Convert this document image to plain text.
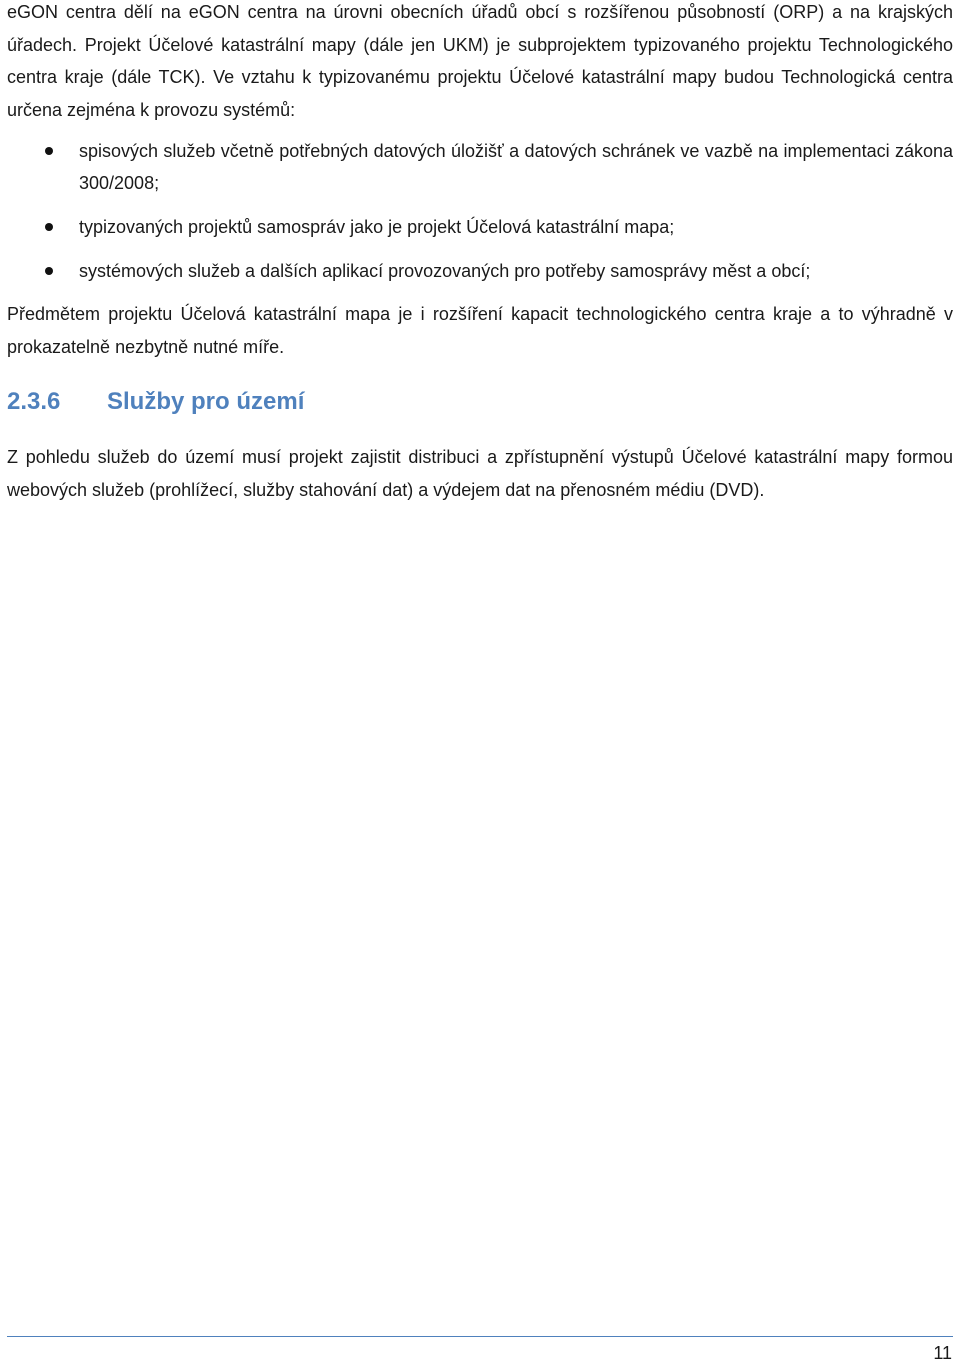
eGON centra dělí na eGON centra na úrovni obecních úřadů obcí s rozšířenou působností (ORP) a na krajských úřadech. Projekt Účelové katastrální mapy (dále jen UKM) je subprojektem typizovaného projektu Technologického centra kraje (dále TCK). Ve vztahu k typizovanému projektu Účelové katastrální mapy budou Technologická centra určena zejména k provozu systémů:

spisových služeb včetně potřebných datových úložišť a datových schránek ve vazbě na implementaci zákona 300/2008;
typizovaných projektů samospráv jako je projekt Účelová katastrální mapa;
systémových služeb a dalších aplikací provozovaných pro potřeby samosprávy měst a obcí;

Předmětem projektu Účelová katastrální mapa je i rozšíření kapacit technologického centra kraje a to výhradně v prokazatelně nezbytně nutné míře.

2.3.6 Služby pro území

Z pohledu služeb do území musí projekt zajistit distribuci a zpřístupnění výstupů Účelové katastrální mapy formou webových služeb (prohlížecí, služby stahování dat) a výdejem dat na přenosném médiu (DVD).

11
